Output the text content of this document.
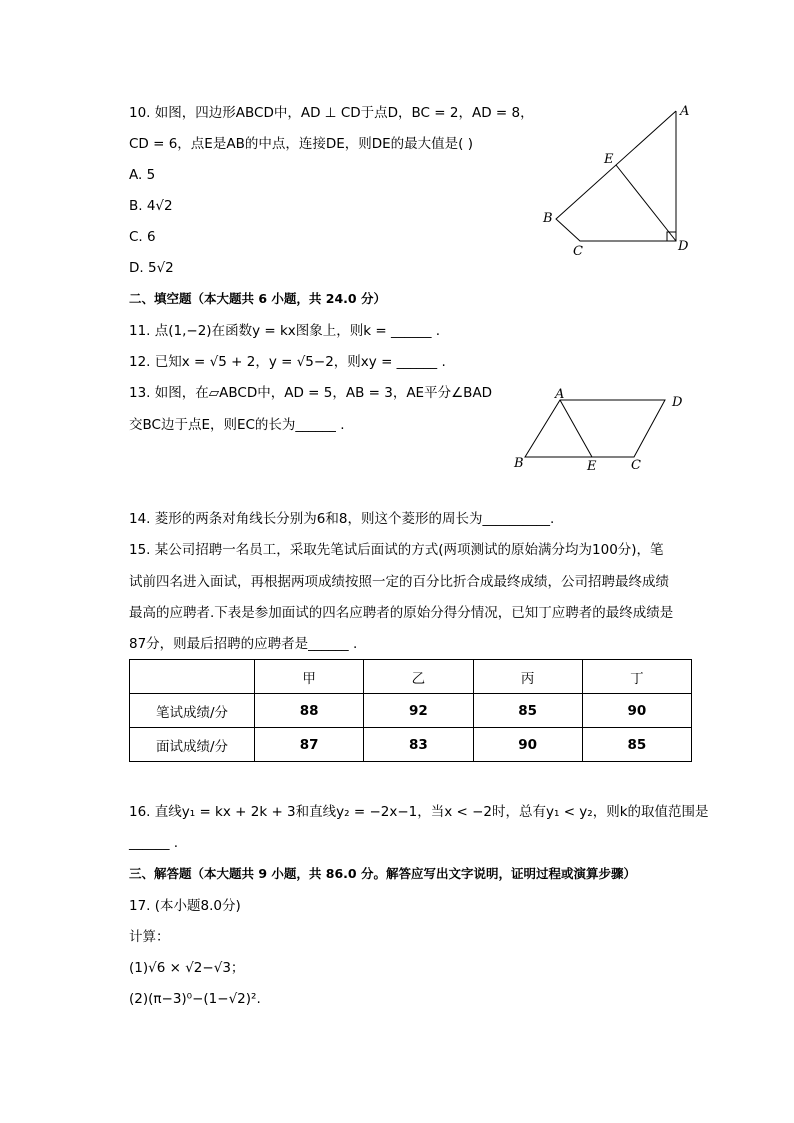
10. 如图，四边形ABCD中，AD ⊥ CD于点D，BC = 2，AD = 8，
CD = 6，点E是AB的中点，连接DE，则DE的最大值是( )
A. 5
B. 4√2
C. 6
D. 5√2
A
E
B
C	D
二、填空题（本大题共 6 小题，共 24.0 分）
11. 点(1,−2)在函数y = kx图象上，则k = ______ .
12. 已知x = √5 + 2，y = √5−2，则xy = ______ .
13. 如图，在▱ABCD中，AD = 5，AB = 3，AE平分∠BAD
交BC边于点E，则EC的长为______ .
A
D
B	E	C
14. 菱形的两条对角线长分别为6和8，则这个菱形的周长为__________.
15. 某公司招聘一名员工，采取先笔试后面试的方式(两项测试的原始满分均为100分)，笔
试前四名进入面试，再根据两项成绩按照一定的百分比折合成最终成绩，公司招聘最终成绩
最高的应聘者.下表是参加面试的四名应聘者的原始分得分情况，已知丁应聘者的最终成绩是
87分，则最后招聘的应聘者是______ .
	甲	乙	丙	丁
笔试成绩/分	88	92	85	90
面试成绩/分	87	83	90	85
16. 直线y₁ = kx + 2k + 3和直线y₂ = −2x−1，当x < −2时，总有y₁ < y₂，则k的取值范围是
______ .
三、解答题（本大题共 9 小题，共 86.0 分。解答应写出文字说明，证明过程或演算步骤）
17. (本小题8.0分)
计算：
(1)√6 × √2−√3；
(2)(π−3)⁰−(1−√2)².
